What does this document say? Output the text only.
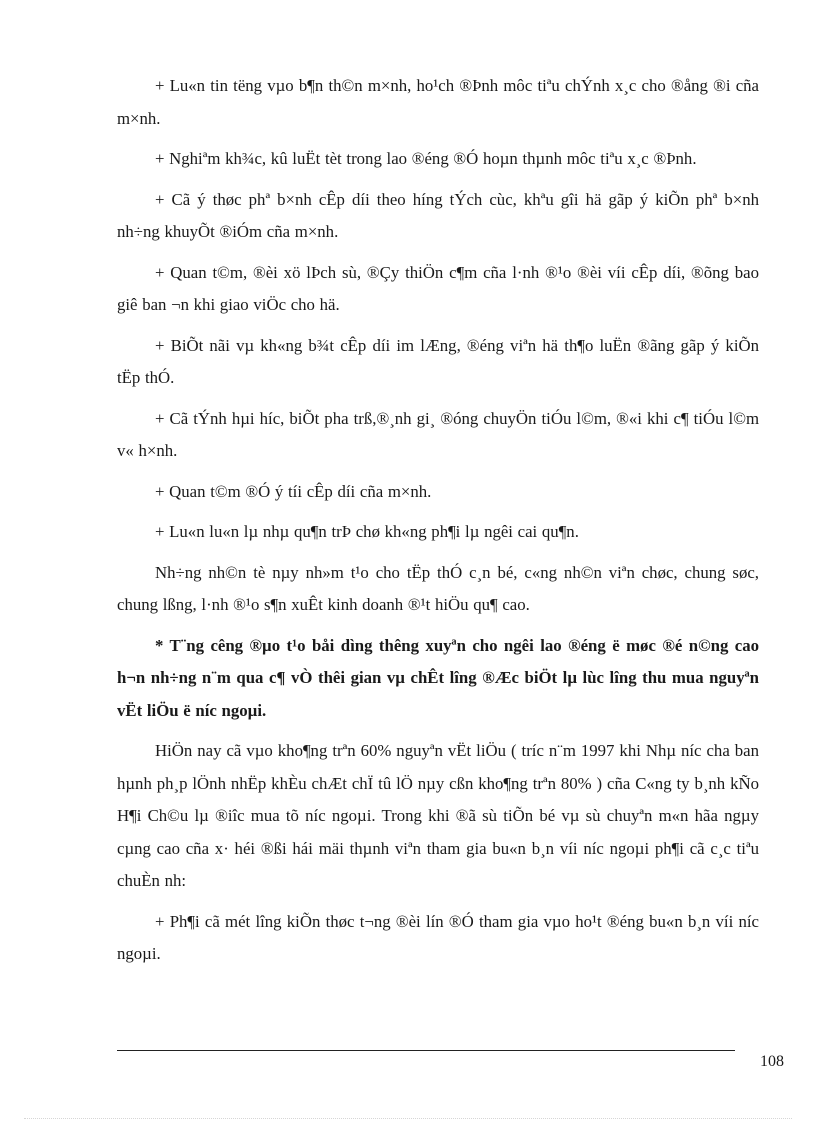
+ Lu«n tin tëng vµo b¶n th©n m×nh, ho¹ch ®Þnh môc tiªu chÝnh x¸c cho ®ång ®i cña m×nh.

+ Nghiªm kh¾c, kû luËt tèt trong lao ®éng ®Ó hoµn thµnh môc tiªu x¸c ®Þnh.

+ Cã ý thøc phª b×nh cÊp díi theo híng tÝch cùc, khªu gîi hä gãp ý kiÕn phª b×nh nh÷ng khuyÕt ®iÓm cña m×nh.

+ Quan t©m, ®èi xö lÞch sù, ®Çy thiÖn c¶m cña l·nh ®¹o ®èi víi cÊp díi, ®õng bao giê ban ¬n khi giao viÖc cho hä.

+ BiÕt nãi vµ kh«ng b¾t cÊp díi im lÆng, ®éng viªn hä th¶o luËn ®ãng gãp ý kiÕn tËp thÓ.

+ Cã tÝnh hµi híc, biÕt pha trß,®¸nh gi¸ ®óng chuyÖn tiÓu l©m, ®«i khi c¶ tiÓu l©m v« h×nh.

+ Quan t©m ®Ó ý tíi cÊp díi cña m×nh.

+ Lu«n lu«n lµ nhµ qu¶n trÞ chø kh«ng ph¶i lµ ngêi cai qu¶n.

Nh÷ng nh©n tè nµy nh»m t¹o cho tËp thÓ c¸n bé, c«ng nh©n viªn chøc, chung søc, chung lßng, l·nh ®¹o s¶n xuÊt kinh doanh ®¹t hiÖu qu¶ cao.

* T¨ng cêng ®µo t¹o båi dìng thêng xuyªn cho ngêi lao ®éng ë møc ®é n©ng cao h¬n nh÷ng n¨m qua c¶ vÒ thêi gian vµ chÊt lîng ®Æc biÖt lµ lùc lîng thu mua nguyªn vËt liÖu ë níc ngoµi.

HiÖn nay cã vµo kho¶ng trªn 60% nguyªn vËt liÖu ( tríc n¨m 1997 khi Nhµ níc cha ban hµnh ph¸p lÖnh nhËp khÈu chÆt chÏ tû lÖ nµy cßn kho¶ng trªn 80% ) cña C«ng ty b¸nh kÑo H¶i Ch©u lµ ®iîc mua tõ níc ngoµi. Trong khi ®ã sù tiÕn bé vµ sù chuyªn m«n hãa ngµy cµng cao cña x· héi ®ßi hái mäi thµnh viªn tham gia bu«n b¸n víi níc ngoµi ph¶i cã c¸c tiªu chuÈn nh:

+ Ph¶i cã mét lîng kiÕn thøc t¬ng ®èi lín ®Ó tham gia vµo ho¹t ®éng bu«n b¸n víi níc ngoµi.

108
